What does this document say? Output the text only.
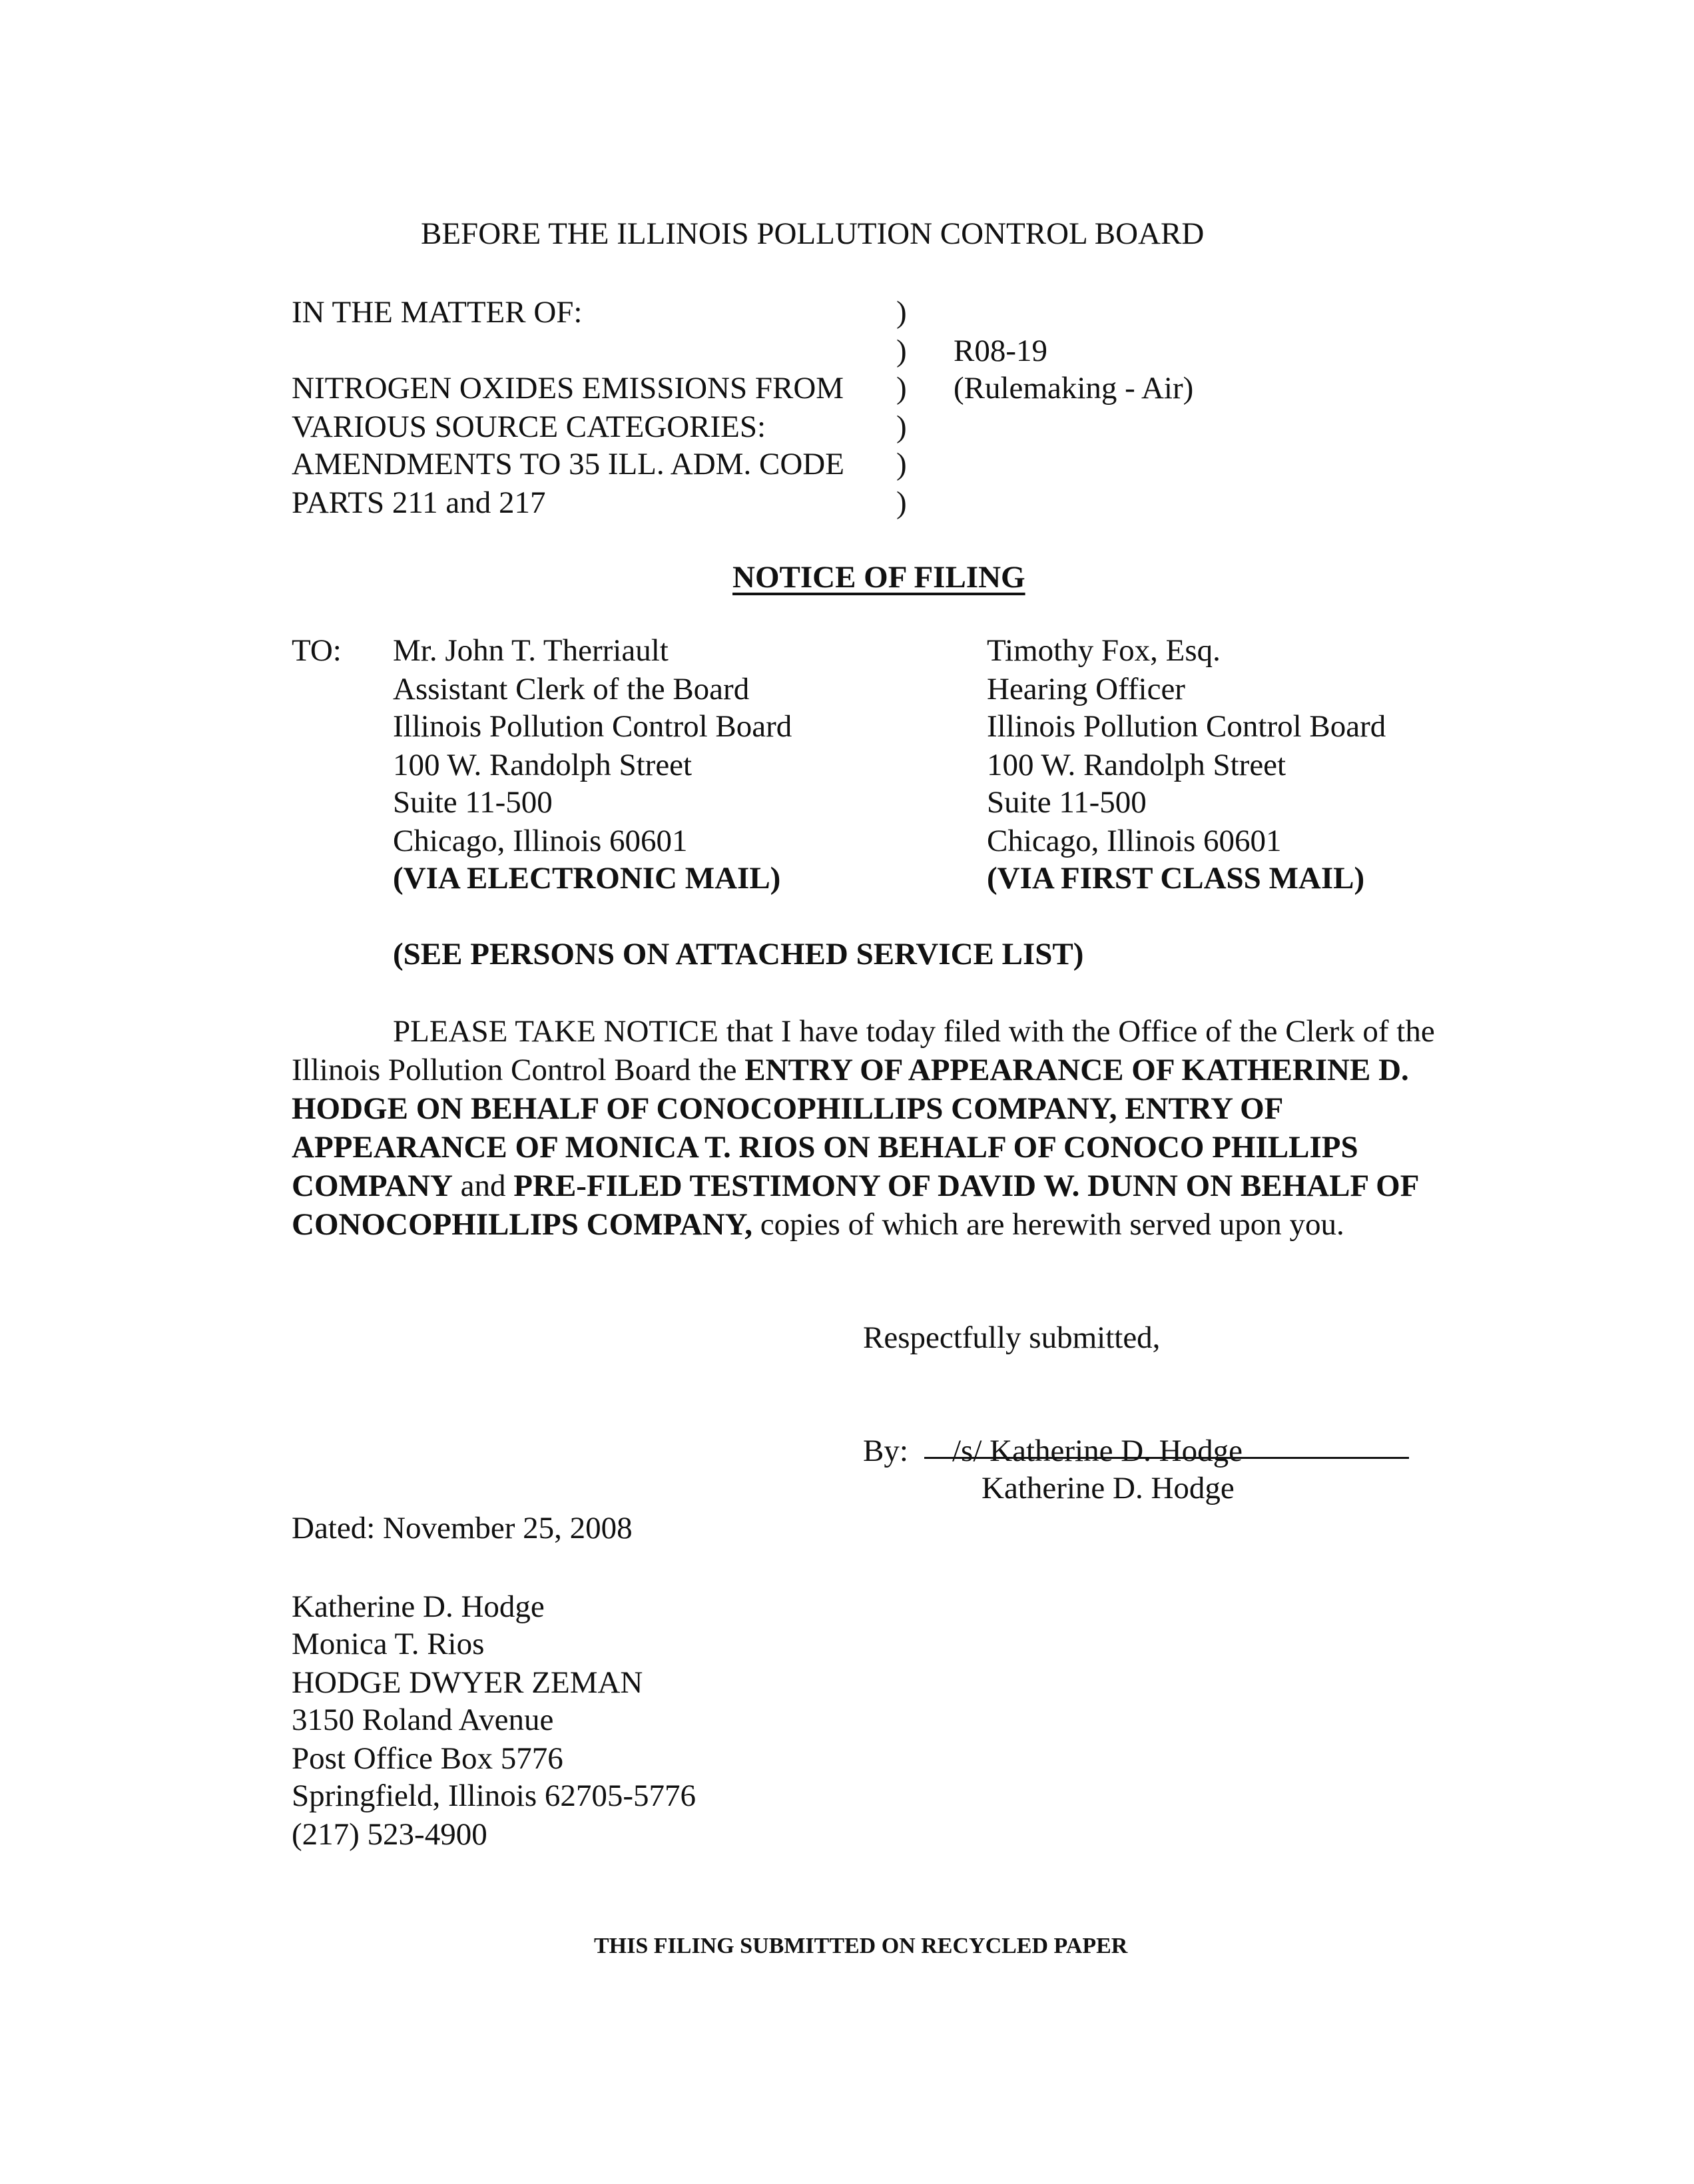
BEFORE THE ILLINOIS POLLUTION CONTROL BOARD
IN THE MATTER OF:
NITROGEN OXIDES EMISSIONS FROM
VARIOUS SOURCE CATEGORIES:
AMENDMENTS TO 35 ILL. ADM. CODE
PARTS 211 and 217
)
)
)
)
)
)
R08-19
(Rulemaking - Air)
NOTICE OF FILING
TO: Mr. John T. Therriault
Assistant Clerk of the Board
Illinois Pollution Control Board
100 W. Randolph Street
Suite 11-500
Chicago, Illinois 60601
(VIA ELECTRONIC MAIL)
Timothy Fox, Esq.
Hearing Officer
Illinois Pollution Control Board
100 W. Randolph Street
Suite 11-500
Chicago, Illinois 60601
(VIA FIRST CLASS MAIL)
(SEE PERSONS ON ATTACHED SERVICE LIST)

PLEASE TAKE NOTICE that I have today filed with the Office of the Clerk of the Illinois Pollution Control Board the ENTRY OF APPEARANCE OF KATHERINE D. HODGE ON BEHALF OF CONOCOPHILLIPS COMPANY, ENTRY OF APPEARANCE OF MONICA T. RIOS ON BEHALF OF CONOCO PHILLIPS COMPANY and PRE-FILED TESTIMONY OF DAVID W. DUNN ON BEHALF OF CONOCOPHILLIPS COMPANY, copies of which are herewith served upon you.

Respectfully submitted,
By: /s/ Katherine D. Hodge
Katherine D. Hodge
Dated: November 25, 2008
Katherine D. Hodge
Monica T. Rios
HODGE DWYER ZEMAN
3150 Roland Avenue
Post Office Box 5776
Springfield, Illinois 62705-5776
(217) 523-4900
THIS FILING SUBMITTED ON RECYCLED PAPER
